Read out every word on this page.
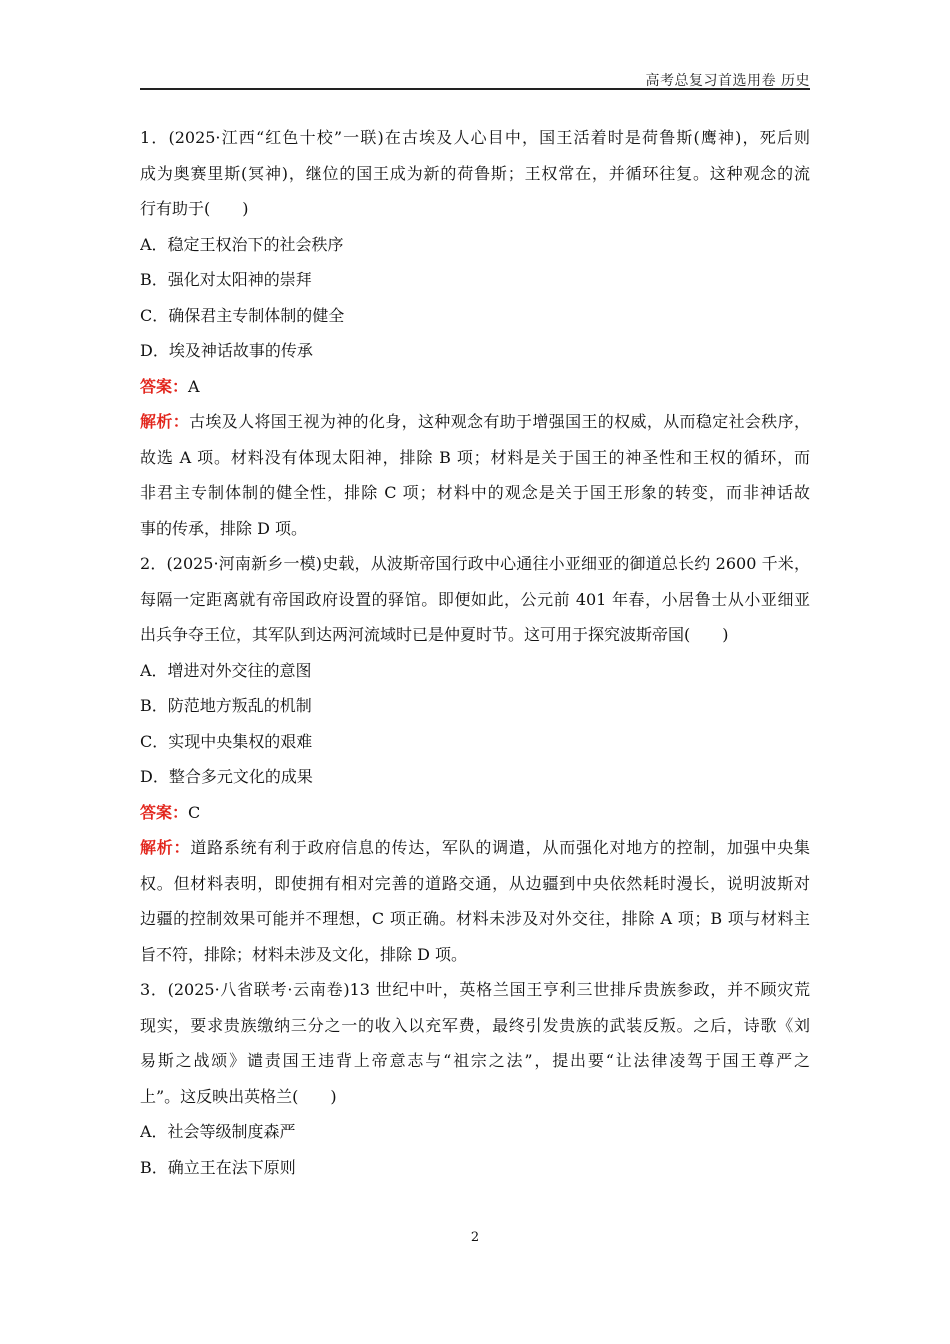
高考总复习首选用卷 历史
1．(2025·江西“红色十校”一联)在古埃及人心目中，国王活着时是荷鲁斯(鹰神)，死后则
成为奥赛里斯(冥神)，继位的国王成为新的荷鲁斯；王权常在，并循环往复。这种观念的流
行有助于(　　)
A．稳定王权治下的社会秩序
B．强化对太阳神的崇拜
C．确保君主专制体制的健全
D．埃及神话故事的传承
答案：A
解析：古埃及人将国王视为神的化身，这种观念有助于增强国王的权威，从而稳定社会秩序，
故选 A 项。材料没有体现太阳神，排除 B 项；材料是关于国王的神圣性和王权的循环，而
非君主专制体制的健全性，排除 C 项；材料中的观念是关于国王形象的转变，而非神话故
事的传承，排除 D 项。
2．(2025·河南新乡一模)史载，从波斯帝国行政中心通往小亚细亚的御道总长约 2600 千米，
每隔一定距离就有帝国政府设置的驿馆。即便如此，公元前 401 年春，小居鲁士从小亚细亚
出兵争夺王位，其军队到达两河流域时已是仲夏时节。这可用于探究波斯帝国(　　)
A．增进对外交往的意图
B．防范地方叛乱的机制
C．实现中央集权的艰难
D．整合多元文化的成果
答案：C
解析：道路系统有利于政府信息的传达，军队的调遣，从而强化对地方的控制，加强中央集
权。但材料表明，即使拥有相对完善的道路交通，从边疆到中央依然耗时漫长，说明波斯对
边疆的控制效果可能并不理想，C 项正确。材料未涉及对外交往，排除 A 项；B 项与材料主
旨不符，排除；材料未涉及文化，排除 D 项。
3．(2025·八省联考·云南卷)13 世纪中叶，英格兰国王亨利三世排斥贵族参政，并不顾灾荒
现实，要求贵族缴纳三分之一的收入以充军费，最终引发贵族的武装反叛。之后，诗歌《刘
易斯之战颂》谴责国王违背上帝意志与“祖宗之法”，提出要“让法律凌驾于国王尊严之
上”。这反映出英格兰(　　)
A．社会等级制度森严
B．确立王在法下原则
2
